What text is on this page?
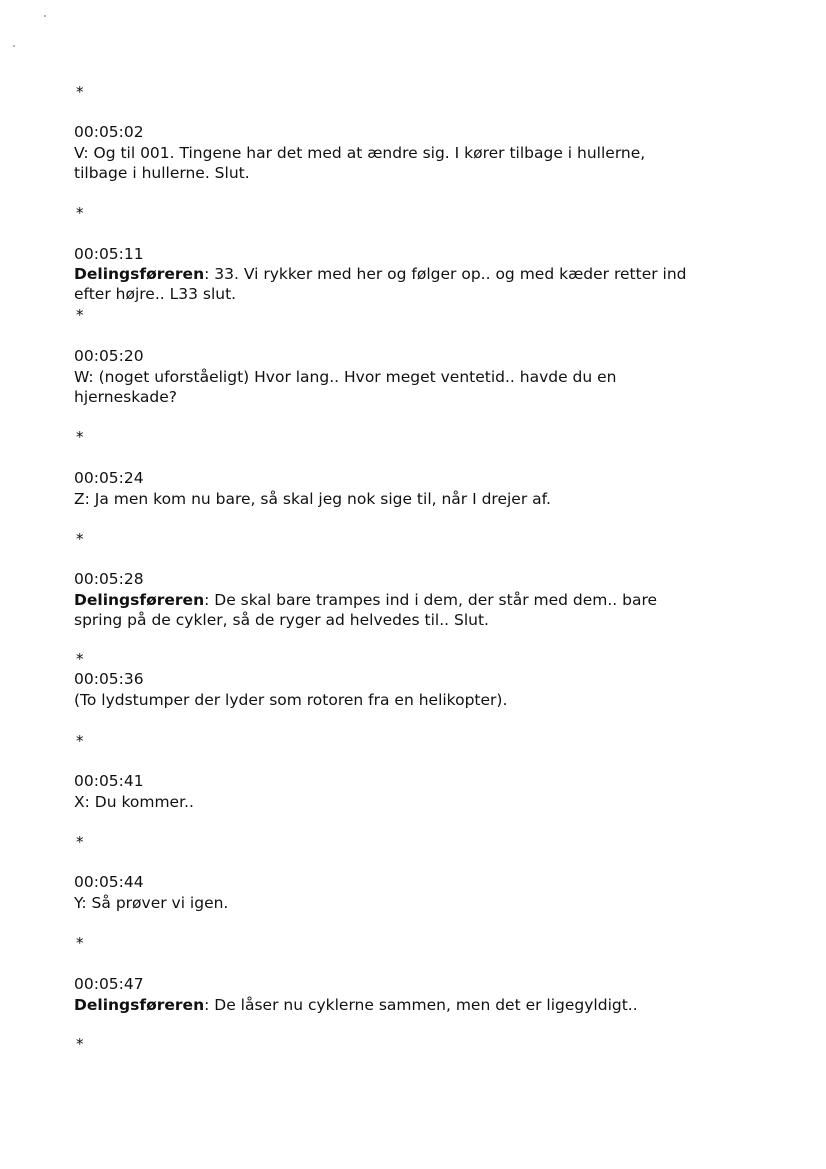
*
00:05:02
V: Og til 001. Tingene har det med at ændre sig. I kører tilbage i hullerne,
tilbage i hullerne. Slut.
*
00:05:11
Delingsføreren: 33. Vi rykker med her og følger op.. og med kæder retter ind
efter højre.. L33 slut.
*
00:05:20
W: (noget uforståeligt) Hvor lang.. Hvor meget ventetid.. havde du en
hjerneskade?
*
00:05:24
Z: Ja men kom nu bare, så skal jeg nok sige til, når I drejer af.
*
00:05:28
Delingsføreren: De skal bare trampes ind i dem, der står med dem.. bare
spring på de cykler, så de ryger ad helvedes til.. Slut.
*
00:05:36
(To lydstumper der lyder som rotoren fra en helikopter).
*
00:05:41
X: Du kommer..
*
00:05:44
Y: Så prøver vi igen.
*
00:05:47
Delingsføreren: De låser nu cyklerne sammen, men det er ligegyldigt..
*
